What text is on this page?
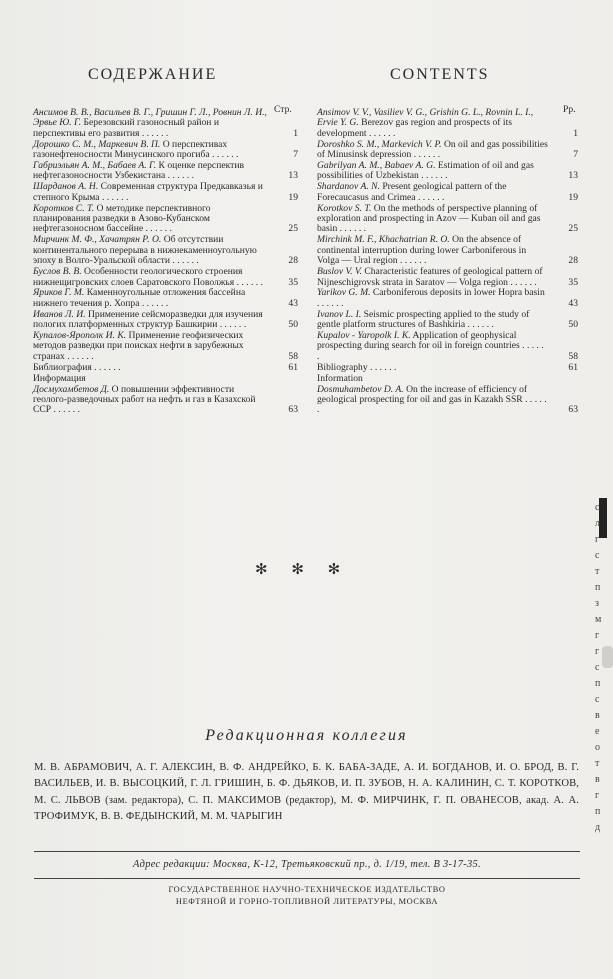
СОДЕРЖАНИЕ	CONTENTS
Стр.	Pp.
Ансимов В. В., Васильев В. Г., Гришин Г. Л., Ровнин Л. И., Эрвье Ю. Г. Березовский газоносный район и перспективы его развития . . . . . .	1
Дорошко С. М., Маркевич В. П. О перспективах газонефтеносности Минусинского прогиба . . . . . .	7
Габриэльян А. М., Бабаев А. Г. К оценке перспектив нефтегазоносности Узбекистана . . . . . .	13
Шарданов А. Н. Современная структура Предкавказья и степного Крыма . . . . . .	19
Коротков С. Т. О методике перспективного планирования разведки в Азово-Кубанском нефтегазоносном бассейне . . . . . .	25
Мирчинк М. Ф., Хачатрян Р. О. Об отсутствии континентального перерыва в нижнекаменноугольную эпоху в Волго-Уральской области . . . . . .	28
Буслов В. В. Особенности геологического строения нижнещигровских слоев Саратовского Поволжья . . . . . .	35
Яриков Г. М. Каменноугольные отложения бассейна нижнего течения р. Хопра . . . . . .	43
Иванов Л. И. Применение сейсморазведки для изучения пологих платформенных структур Башкирии . . . . . .	50
Купалов-Ярополк И. К. Применение геофизических методов разведки при поисках нефти в зарубежных странах . . . . . .	58
Библиография . . . . . .	61
Информация
Досмухамбетов Д. О повышении эффективности геолого-разведочных работ на нефть и газ в Казахской ССР . . . . . .	63
Ansimov V. V., Vasiliev V. G., Grishin G. L., Rovnin L. I., Ervie Y. G. Berezov gas region and prospects of its development . . . . . .	1
Doroshko S. M., Markevich V. P. On oil and gas possibilities of Minusinsk depression . . . . . .	7
Gabrilyan A. M., Babaev A. G. Estimation of oil and gas possibilities of Uzbekistan . . . . . .	13
Shardanov A. N. Present geological pattern of the Forecaucasus and Crimea . . . . . .	19
Korotkov S. T. On the methods of perspective planning of exploration and prospecting in Azov — Kuban oil and gas basin . . . . . .	25
Mirchink M. F., Khachatrian R. O. On the absence of continental interruption during lower Carboniferous in Volga — Ural region . . . . . .	28
Buslov V. V. Characteristic features of geological pattern of Nijneschigrovsk strata in Saratov — Volga region . . . . . .	35
Yarikov G. M. Carboniferous deposits in lower Hopra basin . . . . . .	43
Ivanov L. I. Seismic prospecting applied to the study of gentle platform structures of Bashkiria . . . . . .	50
Kupalov - Yaropolk I. K. Application of geophysical prospecting during search for oil in foreign countries . . . . . .	58
Bibliography . . . . . .	61
Information
Dosmuhambetov D. A. On the increase of efficiency of geological prospecting for oil and gas in Kazakh SSR . . . . . .	63
✻ ✻ ✻
Редакционная коллегия
М. В. АБРАМОВИЧ, А. Г. АЛЕКСИН, В. Ф. АНДРЕЙКО, Б. К. БАБА-ЗАДЕ, А. И. БОГДАНОВ, И. О. БРОД, В. Г. ВАСИЛЬЕВ, И. В. ВЫСОЦКИЙ, Г. Л. ГРИШИН, Б. Ф. ДЬЯКОВ, И. П. ЗУБОВ, Н. А. КАЛИНИН, С. Т. КОРОТКОВ, М. С. ЛЬВОВ (зам. редактора), С. П. МАКСИМОВ (редактор), М. Ф. МИРЧИНК, Г. П. ОВАНЕСОВ, акад. А. А. ТРОФИМУК, В. В. ФЕДЫНСКИЙ, М. М. ЧАРЫГИН
Адрес редакции: Москва, К-12, Третьяковский пр., д. 1/19, тел. В 3-17-35.
ГОСУДАРСТВЕННОЕ НАУЧНО-ТЕХНИЧЕСКОЕ ИЗДАТЕЛЬСТВО
НЕФТЯНОЙ И ГОРНО-ТОПЛИВНОЙ ЛИТЕРАТУРЫ, МОСКВА
с
л
г
с
т
п
з
м
г
г
с
п
с
в
е
о
т
в
г
п
д
